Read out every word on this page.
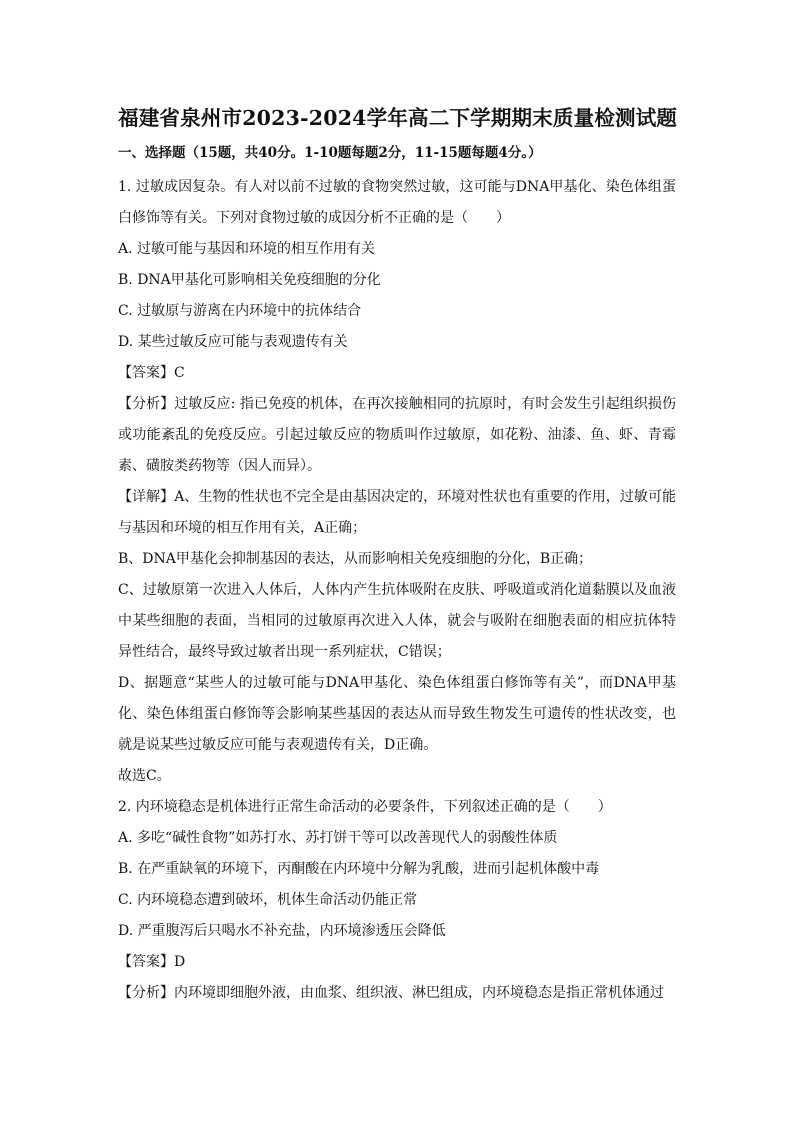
福建省泉州市2023-2024学年高二下学期期末质量检测试题
一、选择题（15题，共40分。1-10题每题2分，11-15题每题4分。）

1. 过敏成因复杂。有人对以前不过敏的食物突然过敏，这可能与DNA甲基化、染色体组蛋白修饰等有关。下列对食物过敏的成因分析不正确的是（　　）

A. 过敏可能与基因和环境的相互作用有关

B. DNA甲基化可影响相关免疫细胞的分化

C. 过敏原与游离在内环境中的抗体结合

D. 某些过敏反应可能与表观遗传有关

【答案】C

【分析】过敏反应: 指已免疫的机体，在再次接触相同的抗原时，有时会发生引起组织损伤或功能紊乱的免疫反应。引起过敏反应的物质叫作过敏原，如花粉、油漆、鱼、虾、青霉素、磺胺类药物等（因人而异）。

【详解】A、生物的性状也不完全是由基因决定的，环境对性状也有重要的作用，过敏可能与基因和环境的相互作用有关，A正确；

B、DNA甲基化会抑制基因的表达，从而影响相关免疫细胞的分化，B正确；

C、过敏原第一次进入人体后，人体内产生抗体吸附在皮肤、呼吸道或消化道黏膜以及血液中某些细胞的表面，当相同的过敏原再次进入人体，就会与吸附在细胞表面的相应抗体特异性结合，最终导致过敏者出现一系列症状，C错误；

D、据题意“某些人的过敏可能与DNA甲基化、染色体组蛋白修饰等有关”，而DNA甲基化、染色体组蛋白修饰等会影响某些基因的表达从而导致生物发生可遗传的性状改变，也就是说某些过敏反应可能与表观遗传有关，D正确。

故选C。

2. 内环境稳态是机体进行正常生命活动的必要条件，下列叙述正确的是（　　）

A. 多吃“碱性食物”如苏打水、苏打饼干等可以改善现代人的弱酸性体质

B. 在严重缺氧的环境下，丙酮酸在内环境中分解为乳酸，进而引起机体酸中毒

C. 内环境稳态遭到破坏，机体生命活动仍能正常

D. 严重腹泻后只喝水不补充盐，内环境渗透压会降低

【答案】D

【分析】内环境即细胞外液，由血浆、组织液、淋巴组成，内环境稳态是指正常机体通过
